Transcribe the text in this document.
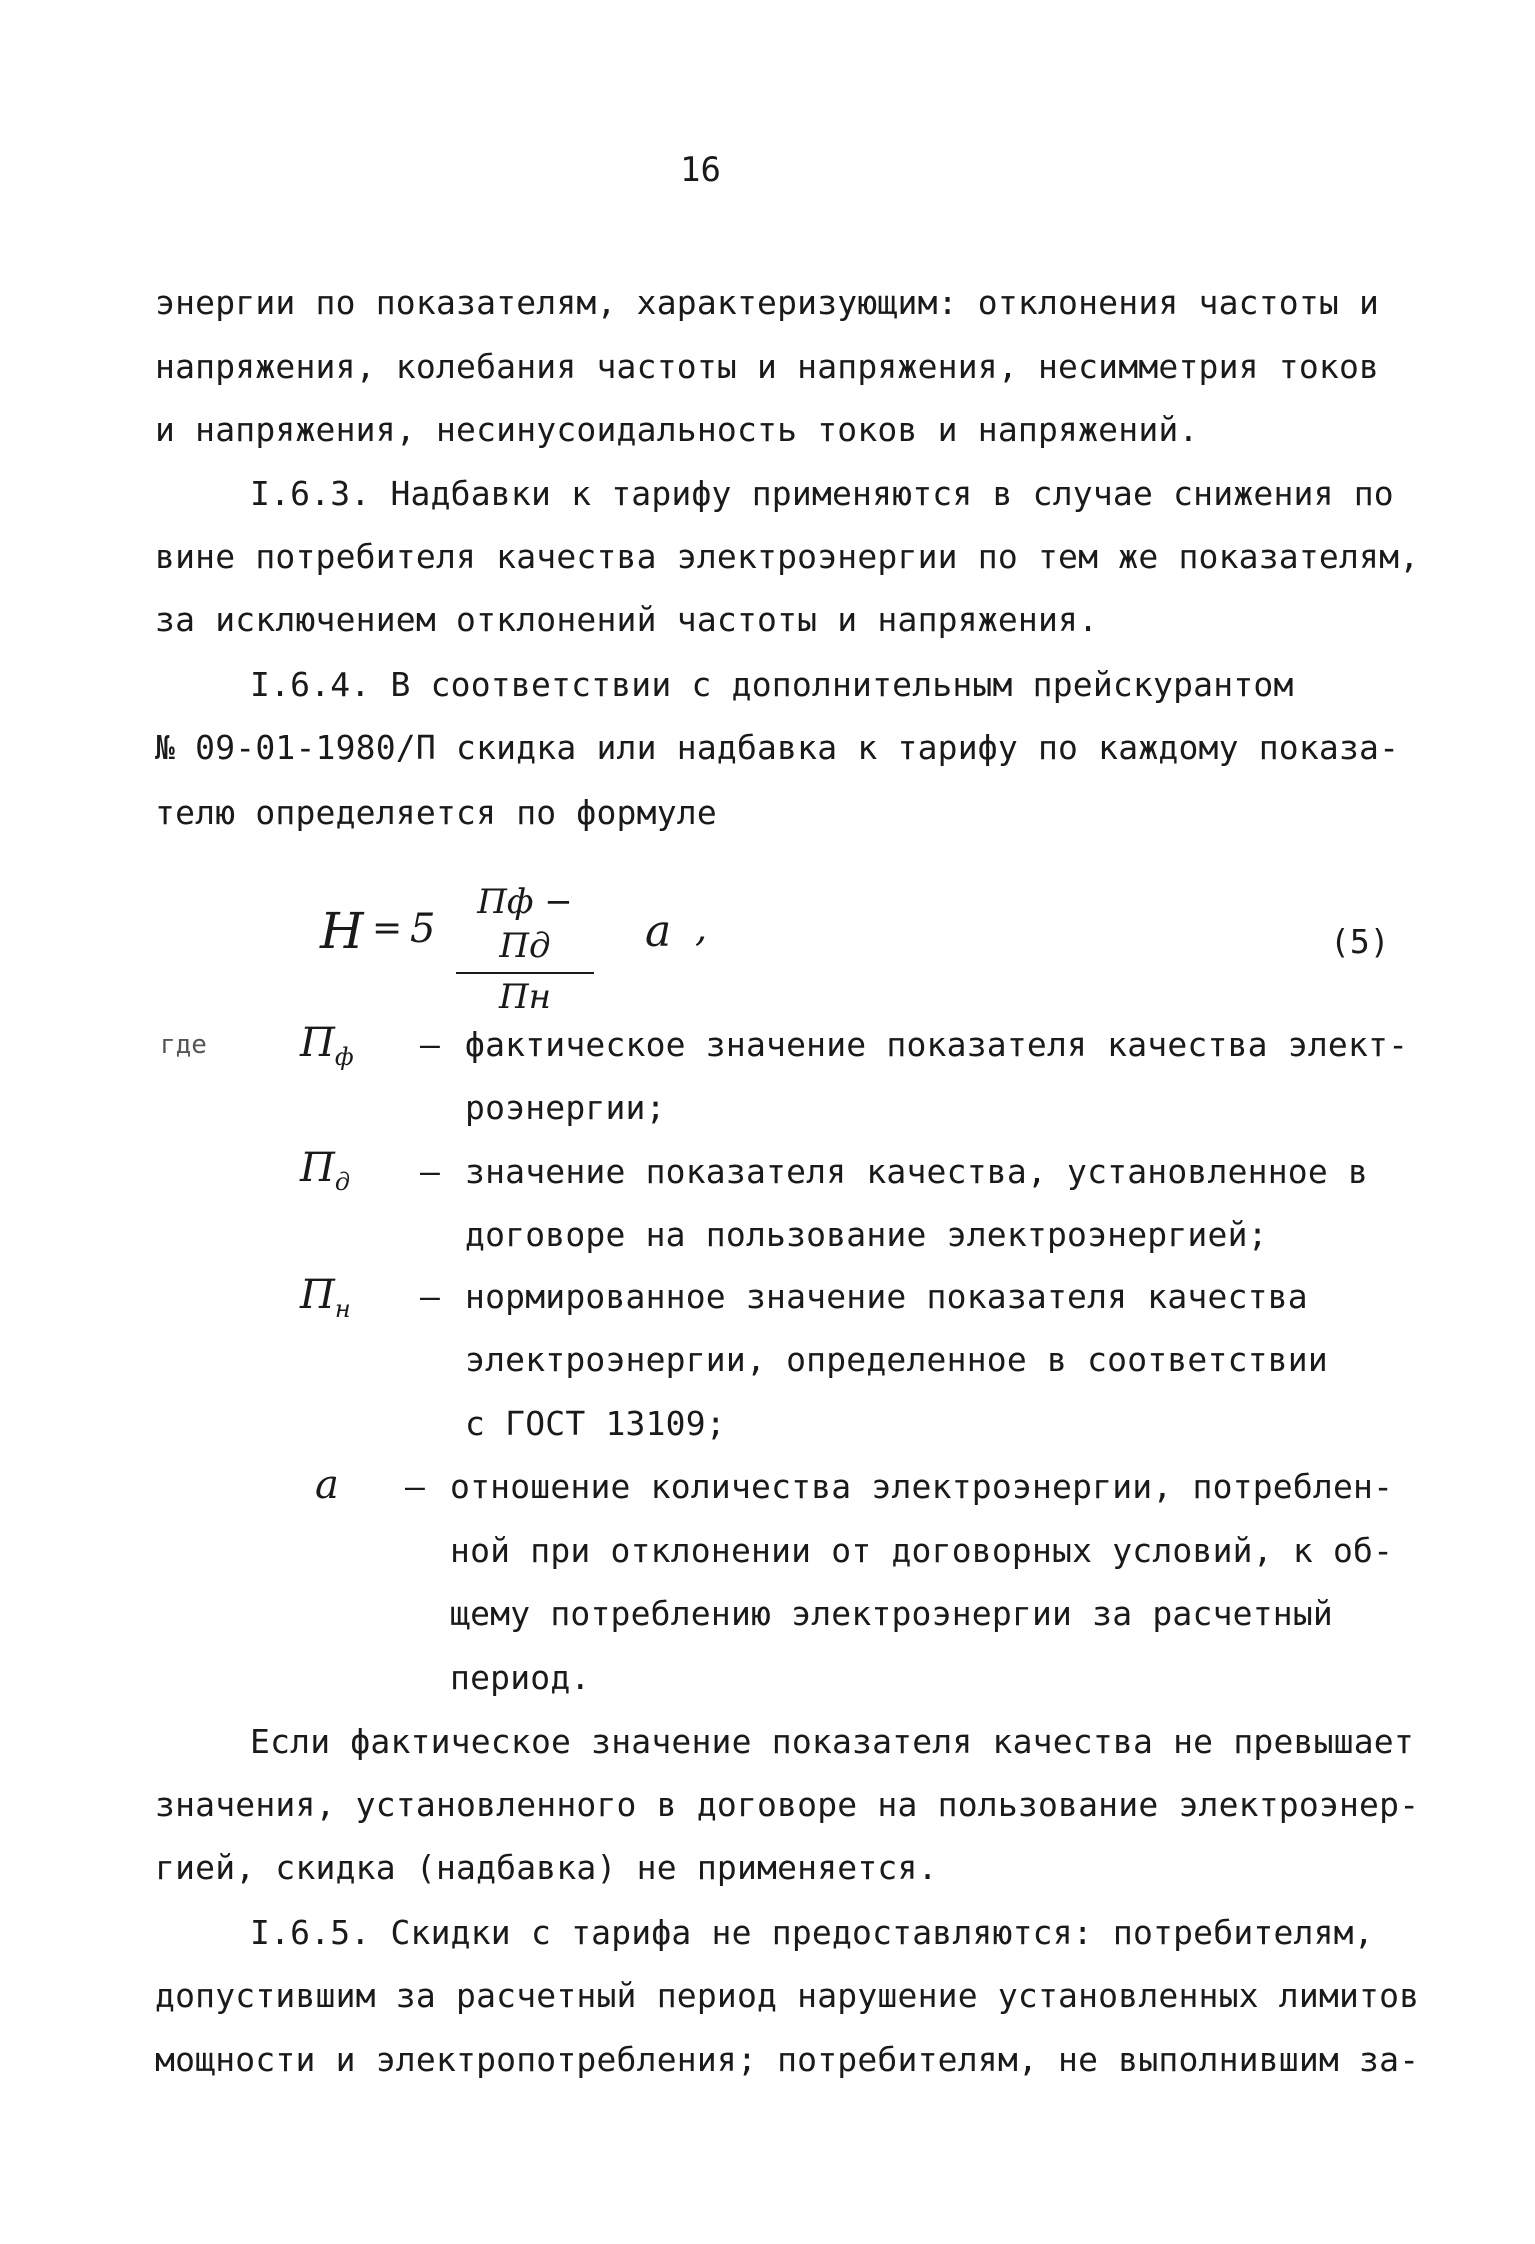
16

энергии по показателям, характеризующим: отклонения частоты и

напряжения, колебания частоты и напряжения, несимметрия токов

и напряжения, несинусоидальность токов и напряжений.

I.6.3. Надбавки к тарифу применяются в случае снижения по

вине потребителя качества электроэнергии по тем же показателям,

за исключением отклонений частоты и напряжения.

I.6.4. В соответствии с дополнительным прейскурантом

№ 09-01-1980/П скидка или надбавка к тарифу по каждому показа-

телю определяется по формуле

Н = 5
Пф − Пд
Пн
a ,	(5)
где $П_ф$ – фактическое значение показателя качества элект-

роэнергии;

$П_д$ – значение показателя качества, установленное в

договоре на пользование электроэнергией;

$П_н$ – нормированное значение показателя качества

электроэнергии, определенное в соответствии

с ГОСТ 13109;

a – отношение количества электроэнергии, потреблен-

ной при отклонении от договорных условий, к об-

щему потреблению электроэнергии за расчетный

период.

Если фактическое значение показателя качества не превышает

значения, установленного в договоре на пользование электроэнер-

гией, скидка (надбавка) не применяется.

I.6.5. Скидки с тарифа не предоставляются: потребителям,

допустившим за расчетный период нарушение установленных лимитов

мощности и электропотребления; потребителям, не выполнившим за-
